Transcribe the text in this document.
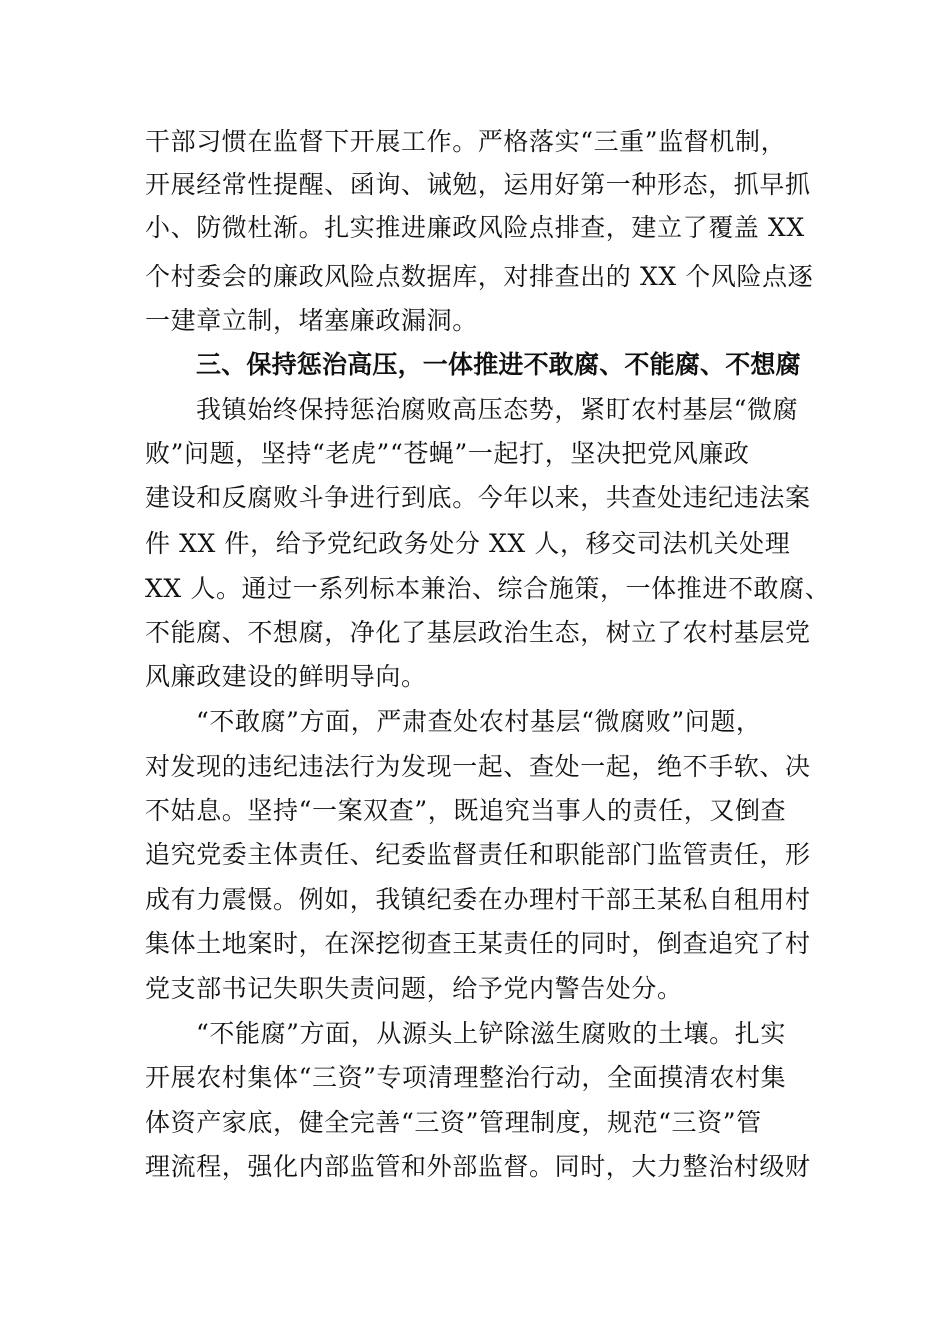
干部习惯在监督下开展工作。严格落实“三重”监督机制，
开展经常性提醒、函询、诫勉，运用好第一种形态，抓早抓
小、防微杜渐。扎实推进廉政风险点排查，建立了覆盖 XX
个村委会的廉政风险点数据库，对排查出的 XX 个风险点逐
一建章立制，堵塞廉政漏洞。
三、保持惩治高压，一体推进不敢腐、不能腐、不想腐
我镇始终保持惩治腐败高压态势，紧盯农村基层“微腐
败”问题，坚持“老虎”“苍蝇”一起打，坚决把党风廉政
建设和反腐败斗争进行到底。今年以来，共查处违纪违法案
件 XX 件，给予党纪政务处分 XX 人，移交司法机关处理
XX 人。通过一系列标本兼治、综合施策，一体推进不敢腐、
不能腐、不想腐，净化了基层政治生态，树立了农村基层党
风廉政建设的鲜明导向。
“不敢腐”方面，严肃查处农村基层“微腐败”问题，
对发现的违纪违法行为发现一起、查处一起，绝不手软、决
不姑息。坚持“一案双查”，既追究当事人的责任，又倒查
追究党委主体责任、纪委监督责任和职能部门监管责任，形
成有力震慑。例如，我镇纪委在办理村干部王某私自租用村
集体土地案时，在深挖彻查王某责任的同时，倒查追究了村
党支部书记失职失责问题，给予党内警告处分。
“不能腐”方面，从源头上铲除滋生腐败的土壤。扎实
开展农村集体“三资”专项清理整治行动，全面摸清农村集
体资产家底，健全完善“三资”管理制度，规范“三资”管
理流程，强化内部监管和外部监督。同时，大力整治村级财
